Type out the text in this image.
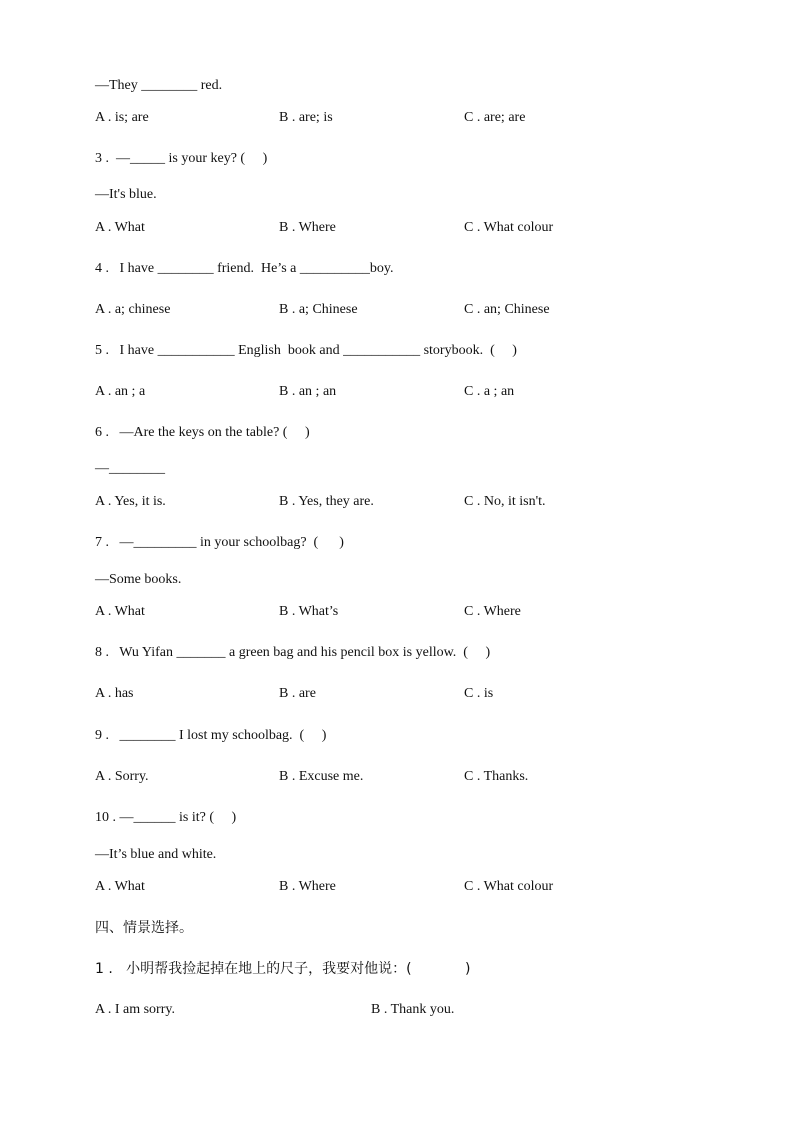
—They ________ red.
A . is; are	B . are; is	C . are; are
3 .  —_____ is your key? (     )
—It's blue.
A . What	B . Where	C . What colour
4 .   I have ________ friend.  He’s a __________boy.
A . a; chinese	B . a; Chinese	C . an; Chinese
5 .   I have ___________ English  book and ___________ storybook.  (     )
A . an ; a	B . an ; an	C . a ; an
6 .   —Are the keys on the table? (     )
—________
A . Yes, it is.	B . Yes, they are.	C . No, it isn't.
7 .   —_________ in your schoolbag?  (      )
—Some books.
A . What	B . What’s	C . Where
8 .   Wu Yifan _______ a green bag and his pencil box is yellow.  (     )
A . has	B . are	C . is
9 .   ________ I lost my schoolbag.  (     )
A . Sorry.	B . Excuse me.	C . Thanks.
10 . —______ is it? (     )
—It’s blue and white.
A . What	B . Where	C . What colour
四、情景选择。
1 .   小明帮我捡起掉在地上的尺子，我要对他说：(            )
A . I am sorry.	B . Thank you.
